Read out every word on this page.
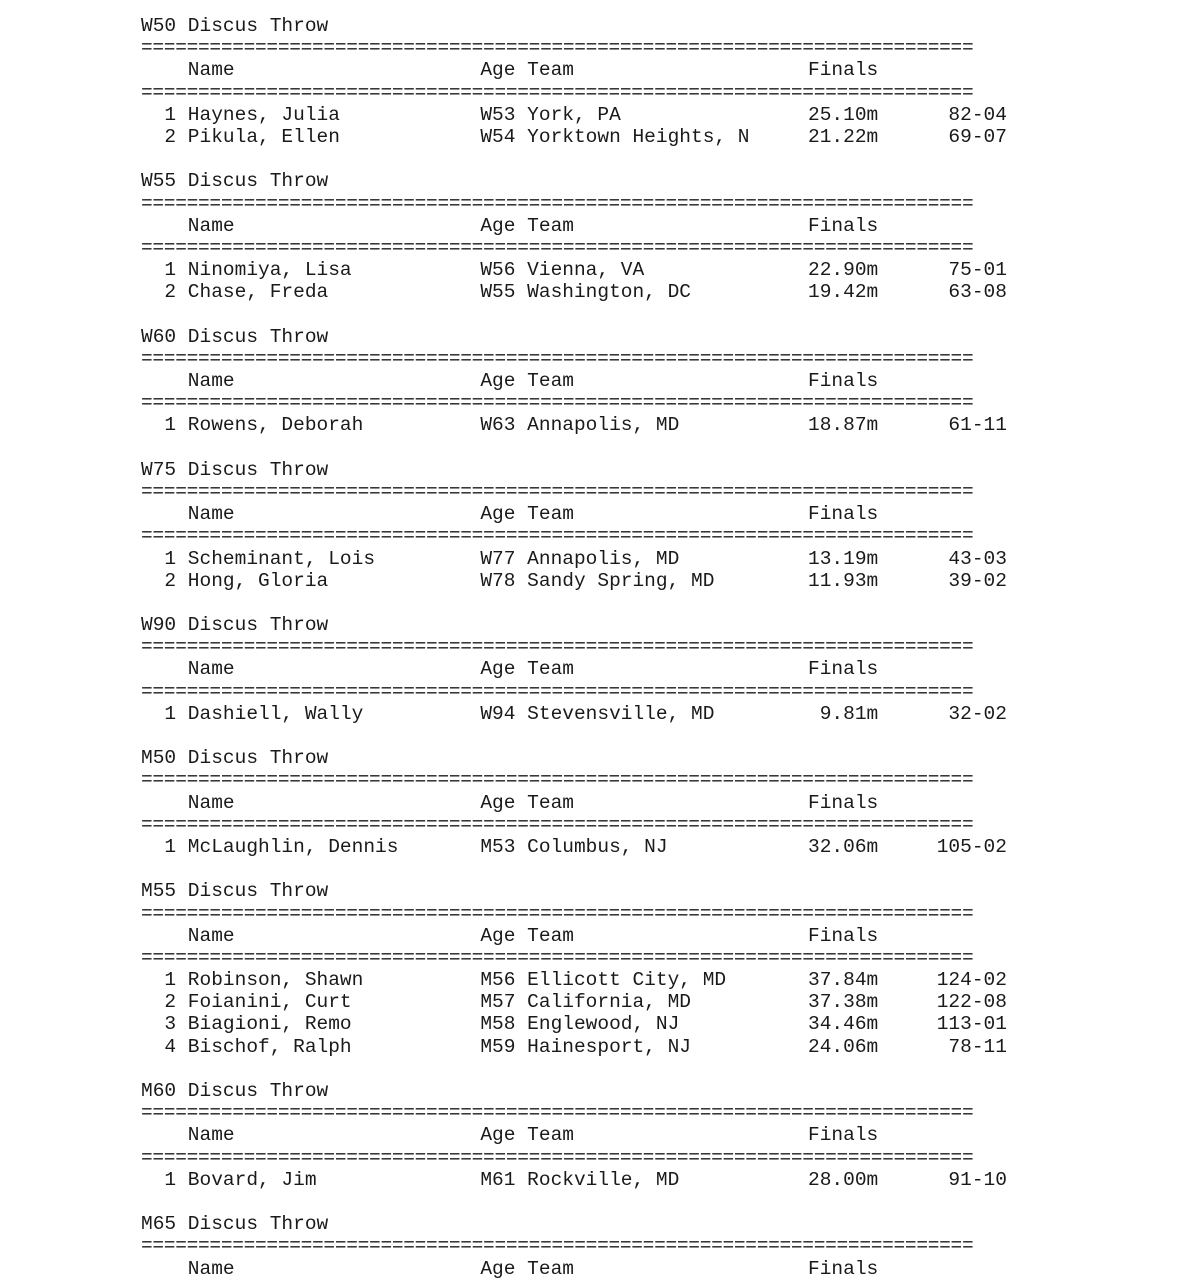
W50 Discus Throw
=========================================================================
Name                     Age Team                    Finals
=========================================================================
1 Haynes, Julia            W53 York, PA                25.10m      82-04
2 Pikula, Ellen            W54 Yorktown Heights, N     21.22m      69-07
W55 Discus Throw
=========================================================================
Name                     Age Team                    Finals
=========================================================================
1 Ninomiya, Lisa           W56 Vienna, VA              22.90m      75-01
2 Chase, Freda             W55 Washington, DC          19.42m      63-08
W60 Discus Throw
=========================================================================
Name                     Age Team                    Finals
=========================================================================
1 Rowens, Deborah          W63 Annapolis, MD           18.87m      61-11
W75 Discus Throw
=========================================================================
Name                     Age Team                    Finals
=========================================================================
1 Scheminant, Lois         W77 Annapolis, MD           13.19m      43-03
2 Hong, Gloria             W78 Sandy Spring, MD        11.93m      39-02
W90 Discus Throw
=========================================================================
Name                     Age Team                    Finals
=========================================================================
1 Dashiell, Wally          W94 Stevensville, MD         9.81m      32-02
M50 Discus Throw
=========================================================================
Name                     Age Team                    Finals
=========================================================================
1 McLaughlin, Dennis       M53 Columbus, NJ            32.06m     105-02
M55 Discus Throw
=========================================================================
Name                     Age Team                    Finals
=========================================================================
1 Robinson, Shawn          M56 Ellicott City, MD       37.84m     124-02
2 Foianini, Curt           M57 California, MD          37.38m     122-08
3 Biagioni, Remo           M58 Englewood, NJ           34.46m     113-01
4 Bischof, Ralph           M59 Hainesport, NJ          24.06m      78-11
M60 Discus Throw
=========================================================================
Name                     Age Team                    Finals
=========================================================================
1 Bovard, Jim              M61 Rockville, MD           28.00m      91-10
M65 Discus Throw
=========================================================================
Name                     Age Team                    Finals
